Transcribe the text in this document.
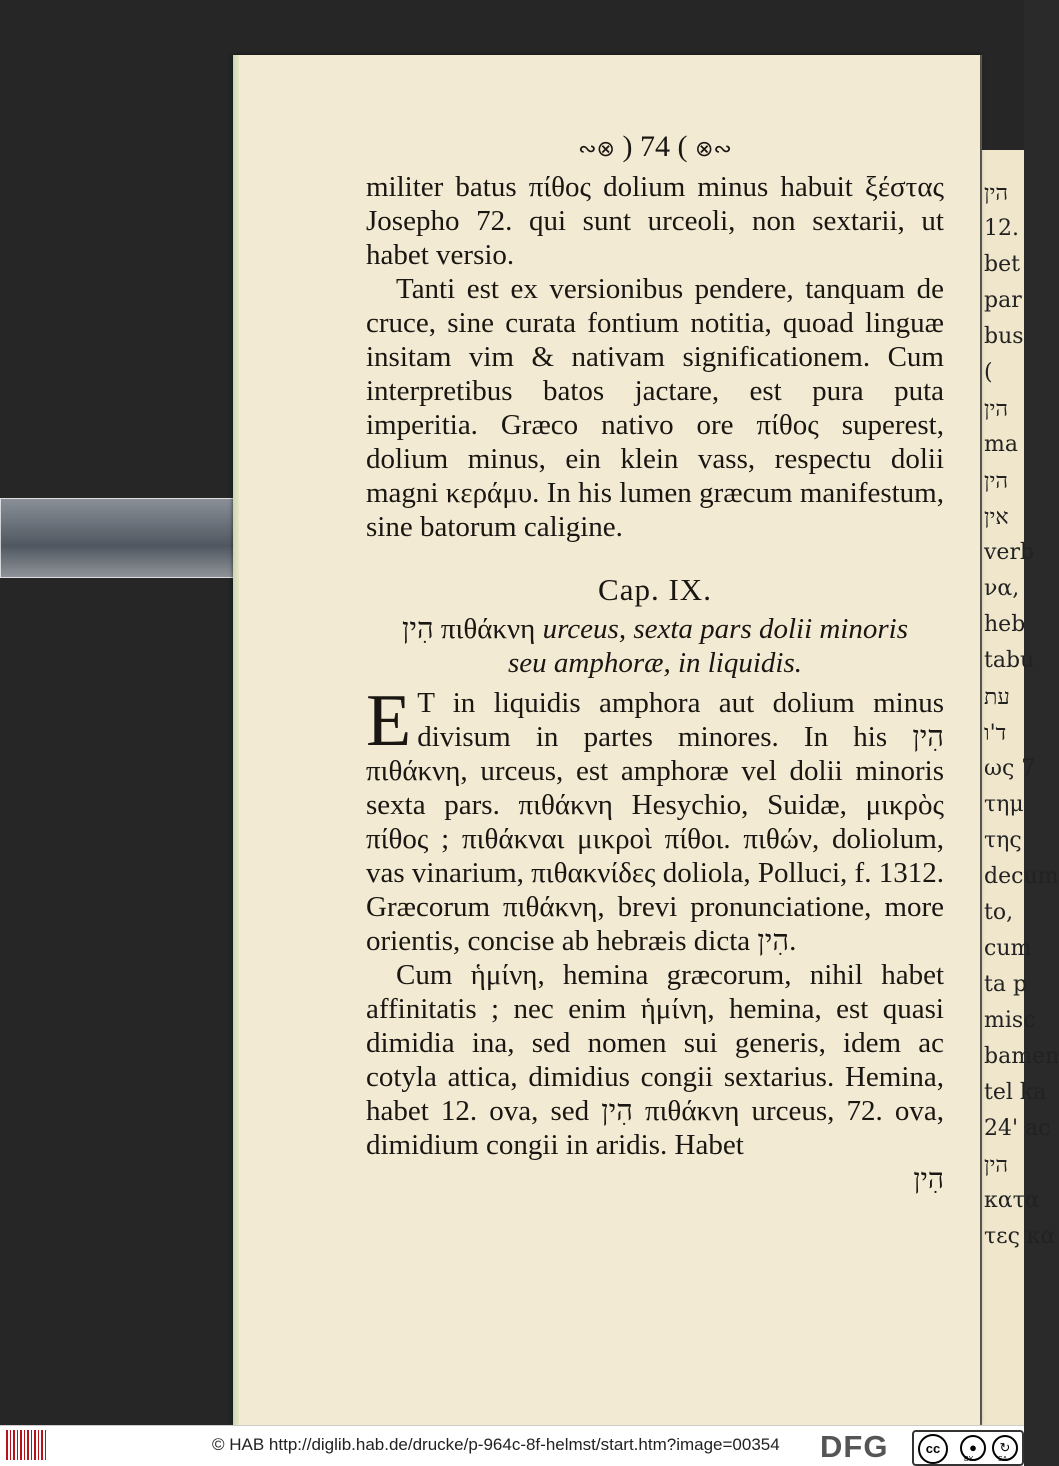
הין
12.
bet
par
bus
(
הין
ma
הין
אין
verb
να,
heb
tabu
עת
ד'ו
ως 7
τημ
της
decum
to,
cum
ta p
misc
bamen
tel ka
24' ac
הין
κατα
τες κα
∾⊗ ) 74 ( ⊗∾

militer batus πίθος dolium minus habuit ξέστας Josepho 72. qui sunt urceoli, non sextarii, ut habet versio.

Tanti est ex versionibus pendere, tanquam de cruce, sine curata fontium notitia, quoad linguæ insitam vim & nativam significationem. Cum interpretibus batos jactare, est pura puta imperitia. Græco nativo ore πίθος superest, dolium minus, ein klein vass, respectu dolii magni κεράμυ. In his lumen græcum manifestum, sine batorum caligine.

Cap. IX.
הִין πιθάκνη urceus, sexta pars dolii minoris
seu amphoræ, in liquidis.

E T in liquidis amphora aut dolium minus divisum in partes minores. In his הִין πιθάκνη, urceus, est amphoræ vel dolii minoris sexta pars. πιθάκνη Hesychio, Suidæ, μικρὸς πίθος ; πιθάκναι μικροὶ πίθοι. πιθών, doliolum, vas vinarium, πιθακνίδες doliola, Polluci, f. 1312. Græcorum πιθάκνη, brevi pronunciatione, more orientis, concise ab hebræis dicta הִין.

Cum ἡμίνη, hemina græcorum, nihil habet affinitatis ; nec enim ἡμίνη, hemina, est quasi dimidia ina, sed nomen sui generis, idem ac cotyla attica, dimidius congii sextarius. Hemina, habet 12. ova, sed הִין πιθάκνη urceus, 72. ova, dimidium congii in aridis. Habet

הִין
© HAB http://diglib.hab.de/drucke/p-964c-8f-helmst/start.htm?image=00354 DFG	cc	●	↻
BY	SA
